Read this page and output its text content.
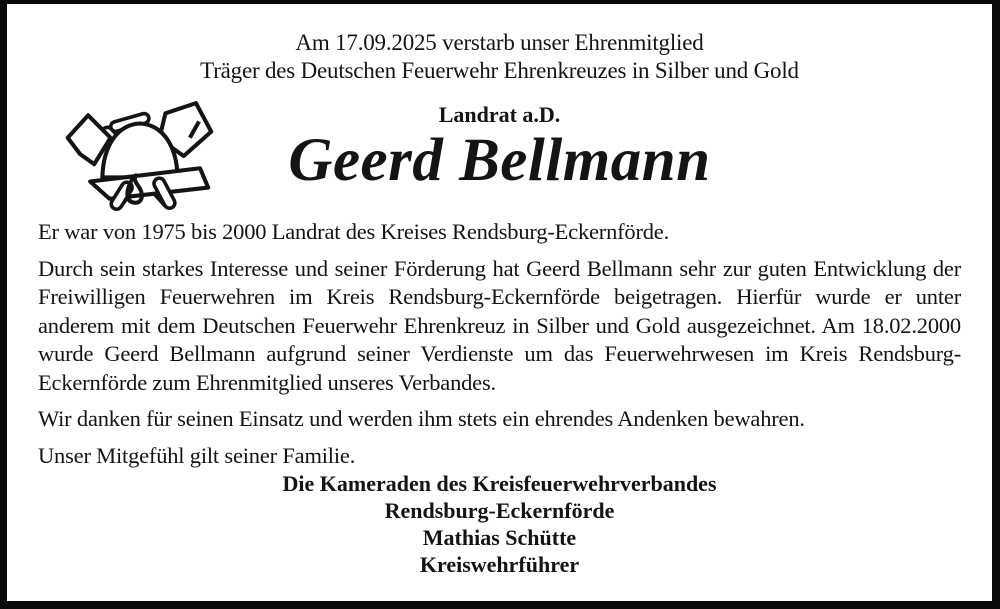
Am 17.09.2025 verstarb unser Ehrenmitglied
Träger des Deutschen Feuerwehr Ehrenkreuzes in Silber und Gold
Landrat a.D.
Geerd Bellmann

Er war von 1975 bis 2000 Landrat des Kreises Rendsburg-Eckernförde.

Durch sein starkes Interesse und seiner Förderung hat Geerd Bellmann sehr zur guten Entwicklung der Freiwilligen Feuerwehren im Kreis Rendsburg-Eckernförde beigetragen. Hierfür wurde er unter anderem mit dem Deutschen Feuerwehr Ehrenkreuz in Silber und Gold ausgezeichnet. Am 18.02.2000 wurde Geerd Bellmann aufgrund seiner Verdienste um das Feuerwehrwesen im Kreis Rendsburg-Eckernförde zum Ehrenmitglied unseres Verbandes.

Wir danken für seinen Einsatz und werden ihm stets ein ehrendes Andenken bewahren.

Unser Mitgefühl gilt seiner Familie.

Die Kameraden des Kreisfeuerwehrverbandes
Rendsburg-Eckernförde
Mathias Schütte
Kreiswehrführer
